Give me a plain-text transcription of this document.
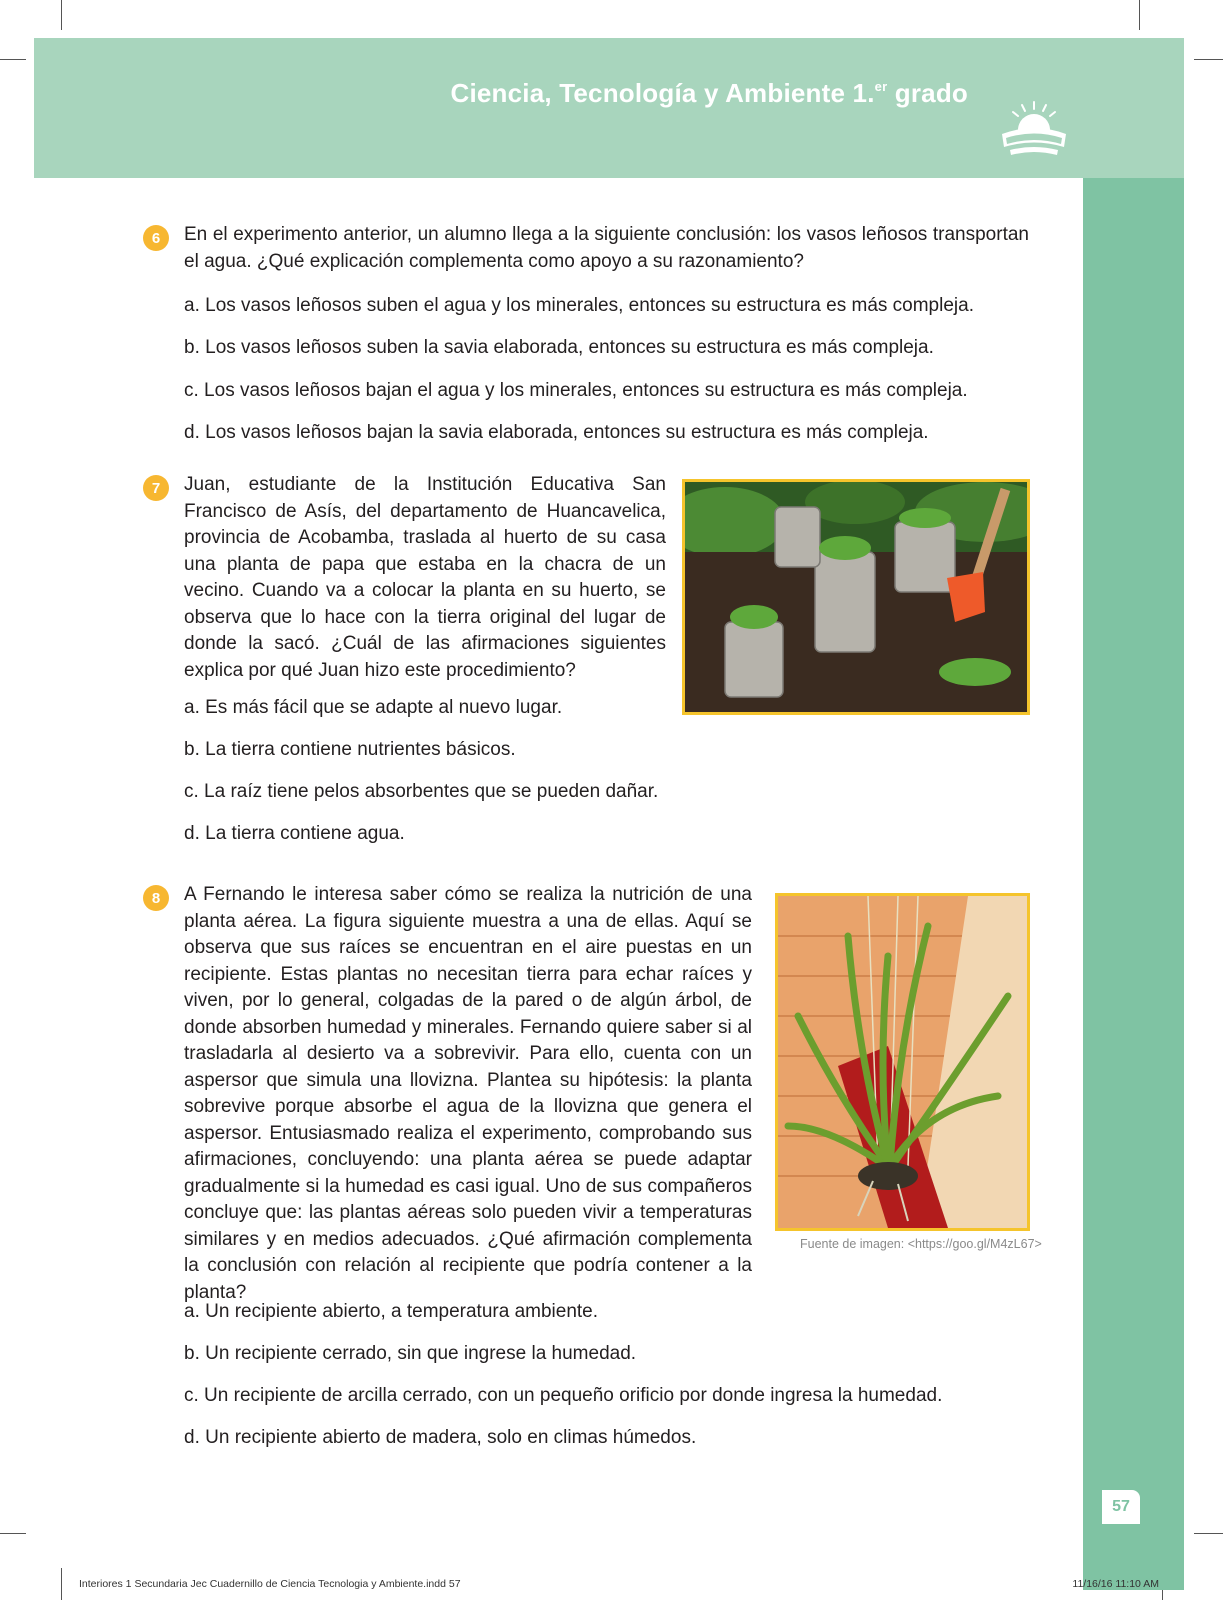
Ciencia, Tecnología y Ambiente 1.$^{er}$ grado
57
6	En el experimento anterior, un alumno llega a la siguiente conclusión: los vasos leñosos transportan el agua. ¿Qué explicación complementa como apoyo a su razonamiento?

a. Los vasos leñosos suben el agua y los minerales, entonces su estructura es más compleja.

b. Los vasos leñosos suben la savia elaborada, entonces su estructura es más compleja.

c. Los vasos leñosos bajan el agua y los minerales, entonces su estructura es más compleja.

d. Los vasos leñosos bajan la savia elaborada, entonces su estructura es más compleja.

7	Juan, estudiante de la Institución Educativa San Francisco de Asís, del departamento de Huancavelica, provincia de Acobamba, traslada al huerto de su casa una planta de papa que estaba en la chacra de un vecino. Cuando va a colocar la planta en su huerto, se observa que lo hace con la tierra original del lugar de donde la sacó. ¿Cuál de las afirmaciones siguientes explica por qué Juan hizo este procedimiento?

a. Es más fácil que se adapte al nuevo lugar.

b. La tierra contiene nutrientes básicos.

c. La raíz tiene pelos absorbentes que se pueden dañar.

d. La tierra contiene agua.

8	A Fernando le interesa saber cómo se realiza la nutrición de una planta aérea. La figura siguiente muestra a una de ellas. Aquí se observa que sus raíces se encuentran en el aire puestas en un recipiente. Estas plantas no necesitan tierra para echar raíces y viven, por lo general, colgadas de la pared o de algún árbol, de donde absorben humedad y minerales. Fernando quiere saber si al trasladarla al desierto va a sobrevivir. Para ello, cuenta con un aspersor que simula una llovizna. Plantea su hipótesis: la planta sobrevive porque absorbe el agua de la llovizna que genera el aspersor. Entusiasmado realiza el experimento, comprobando sus afirmaciones, concluyendo: una planta aérea se puede adaptar gradualmente si la humedad es casi igual. Uno de sus compañeros concluye que: las plantas aéreas solo pueden vivir a temperaturas similares y en medios adecuados. ¿Qué afirmación complementa la conclusión con relación al recipiente que podría contener a la planta?

Fuente de imagen: <https://goo.gl/M4zL67>

a. Un recipiente abierto, a temperatura ambiente.

b. Un recipiente cerrado, sin que ingrese la humedad.

c. Un recipiente de arcilla cerrado, con un pequeño orificio por donde ingresa la humedad.

d. Un recipiente abierto de madera, solo en climas húmedos.

Interiores 1 Secundaria Jec Cuadernillo de Ciencia Tecnologia y Ambiente.indd 57	11/16/16 11:10 AM
